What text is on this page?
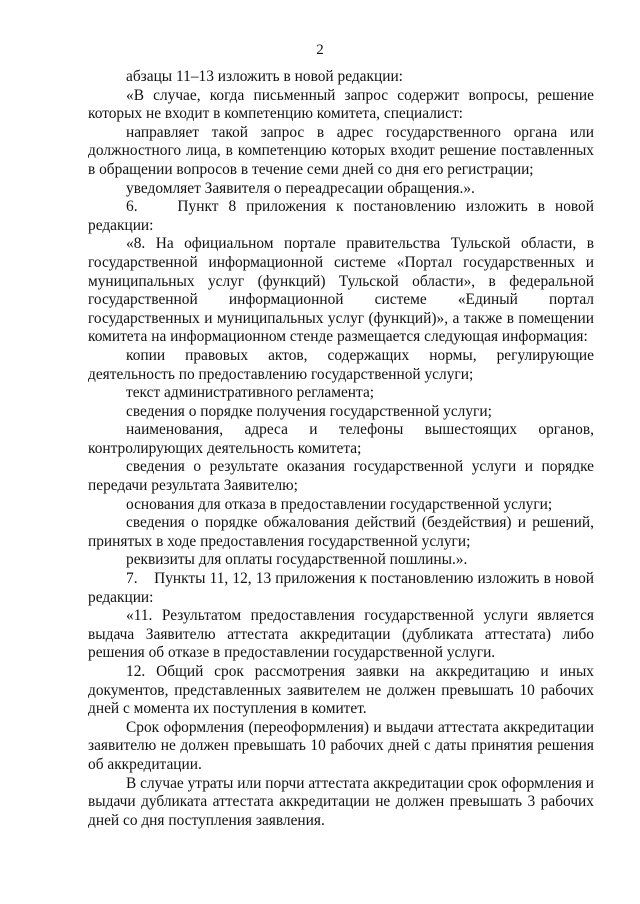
2

абзацы 11–13 изложить в новой редакции:

«В случае, когда письменный запрос содержит вопросы, решение которых не входит в компетенцию комитета, специалист:

направляет такой запрос в адрес государственного органа или должностного лица, в компетенцию которых входит решение поставленных в обращении вопросов в течение семи дней со дня его регистрации;

уведомляет Заявителя о переадресации обращения.».

6.    Пункт 8 приложения к постановлению изложить в новой редакции:

«8. На официальном портале правительства Тульской области, в государственной информационной системе «Портал государственных и муниципальных услуг (функций) Тульской области», в федеральной государственной информационной системе «Единый портал государственных и муниципальных услуг (функций)», а также в помещении комитета на информационном стенде размещается следующая информация:

копии правовых актов, содержащих нормы, регулирующие деятельность по предоставлению государственной услуги;

текст административного регламента;

сведения о порядке получения государственной услуги;

наименования, адреса и телефоны вышестоящих органов, контролирующих деятельность комитета;

сведения о результате оказания государственной услуги и порядке передачи результата Заявителю;

основания для отказа в предоставлении государственной услуги;

сведения о порядке обжалования действий (бездействия) и решений, принятых в ходе предоставления государственной услуги;

реквизиты для оплаты государственной пошлины.».

7.    Пункты 11, 12, 13 приложения к постановлению изложить в новой редакции:

«11. Результатом предоставления государственной услуги является выдача Заявителю аттестата аккредитации (дубликата аттестата) либо решения об отказе в предоставлении государственной услуги.

12. Общий срок рассмотрения заявки на аккредитацию и иных документов, представленных заявителем не должен превышать 10 рабочих дней с момента их поступления в комитет.

Срок оформления (переоформления) и выдачи аттестата аккредитации заявителю не должен превышать 10 рабочих дней с даты принятия решения об аккредитации.

В случае утраты или порчи аттестата аккредитации срок оформления и выдачи дубликата аттестата аккредитации не должен превышать 3 рабочих дней со дня поступления заявления.
